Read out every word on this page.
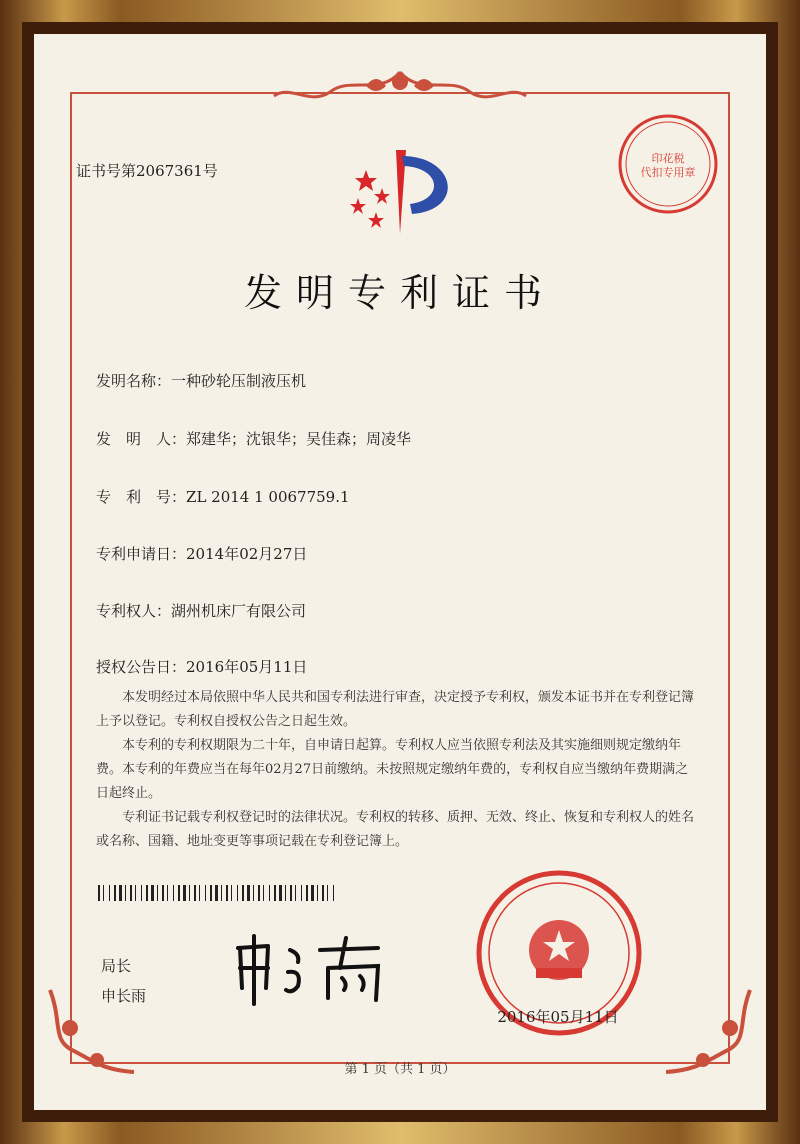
证书号第2067361号
印花税
代扣专用章
发明专利证书
发明名称：一种砂轮压制液压机
发　明　人：郑建华；沈银华；吴佳森；周凌华
专　利　号：ZL 2014 1 0067759.1
专利申请日：2014年02月27日
专利权人：湖州机床厂有限公司
授权公告日：2016年05月11日

本发明经过本局依照中华人民共和国专利法进行审查，决定授予专利权，颁发本证书并在专利登记簿上予以登记。专利权自授权公告之日起生效。

本专利的专利权期限为二十年，自申请日起算。专利权人应当依照专利法及其实施细则规定缴纳年费。本专利的年费应当在每年02月27日前缴纳。未按照规定缴纳年费的，专利权自应当缴纳年费期满之日起终止。

专利证书记载专利权登记时的法律状况。专利权的转移、质押、无效、终止、恢复和专利权人的姓名或名称、国籍、地址变更等事项记载在专利登记簿上。

局长
申长雨
2016年05月11日
第 1 页（共 1 页）
